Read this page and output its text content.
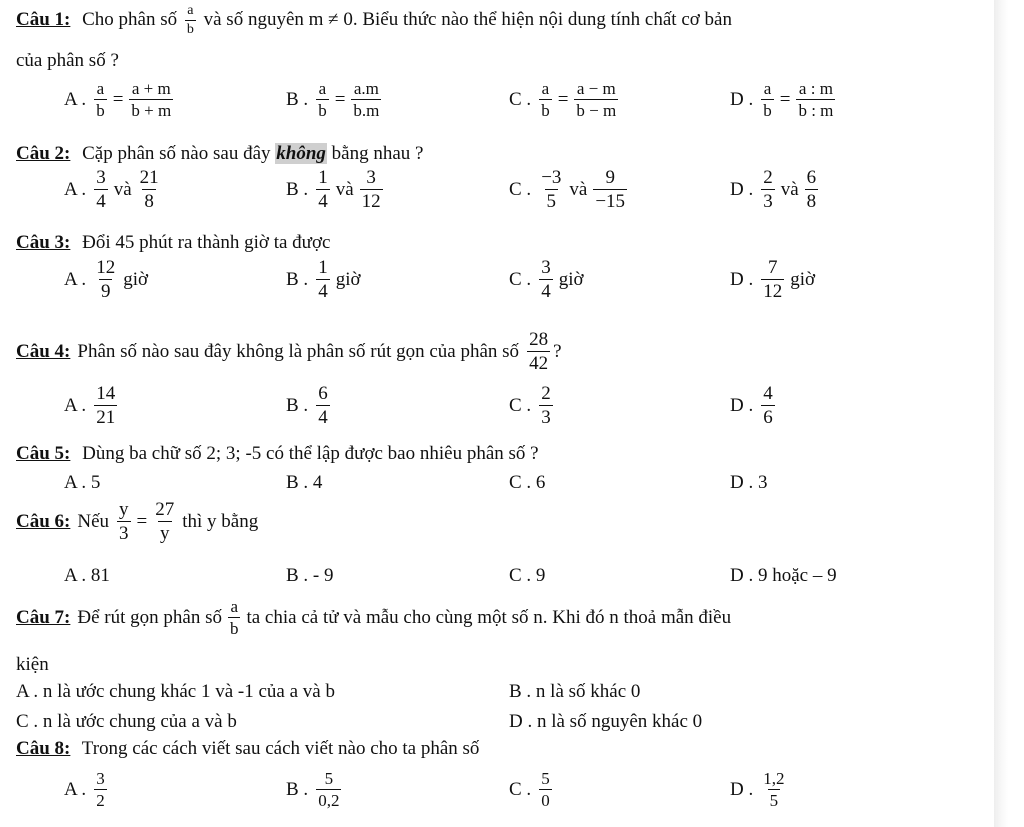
Câu 1: Cho phân số $\frac{a}{b}$ và số nguyên m ≠ 0. Biểu thức nào thể hiện nội dung tính chất cơ bản
của phân số ?
A . $\frac{a}{b} = \frac{a + m}{b + m}$	B . $\frac{a}{b} = \frac{a.m}{b.m}$	C . $\frac{a}{b} = \frac{a - m}{b - m}$	D . $\frac{a}{b} = \frac{a : m}{b : m}$
Câu 2: Cặp phân số nào sau đây không bằng nhau ?
A . $\frac{3}{4}$ và $\frac{21}{8}$	B . $\frac{1}{4}$ và $\frac{3}{12}$	C . $\frac{-3}{5}$ và $\frac{9}{-15}$	D . $\frac{2}{3}$ và $\frac{6}{8}$
Câu 3: Đổi 45 phút ra thành giờ ta được
A . $\frac{12}{9}$ giờ	B . $\frac{1}{4}$ giờ	C . $\frac{3}{4}$ giờ	D . $\frac{7}{12}$ giờ
Câu 4: Phân số nào sau đây không là phân số rút gọn của phân số $\frac{28}{42}$ ?
A . $\frac{14}{21}$	B . $\frac{6}{4}$	C . $\frac{2}{3}$	D . $\frac{4}{6}$
Câu 5: Dùng ba chữ số 2; 3; -5 có thể lập được bao nhiêu phân số ?
A . 5	B . 4	C . 6	D . 3
Câu 6: Nếu $\frac{y}{3} = \frac{27}{y}$ thì y bằng
A . 81	B . - 9	C . 9	D . 9 hoặc – 9
Câu 7: Để rút gọn phân số $\frac{a}{b}$ ta chia cả tử và mẫu cho cùng một số n. Khi đó n thoả mẫn điều
kiện
A . n là ước chung khác 1 và -1 của a và b	B . n là số khác 0
C . n là ước chung của a và b	D . n là số nguyên khác 0
Câu 8: Trong các cách viết sau cách viết nào cho ta phân số
A . $\frac{3}{2}$	B . $\frac{5}{0,2}$	C . $\frac{5}{0}$	D . $\frac{1,2}{5}$
